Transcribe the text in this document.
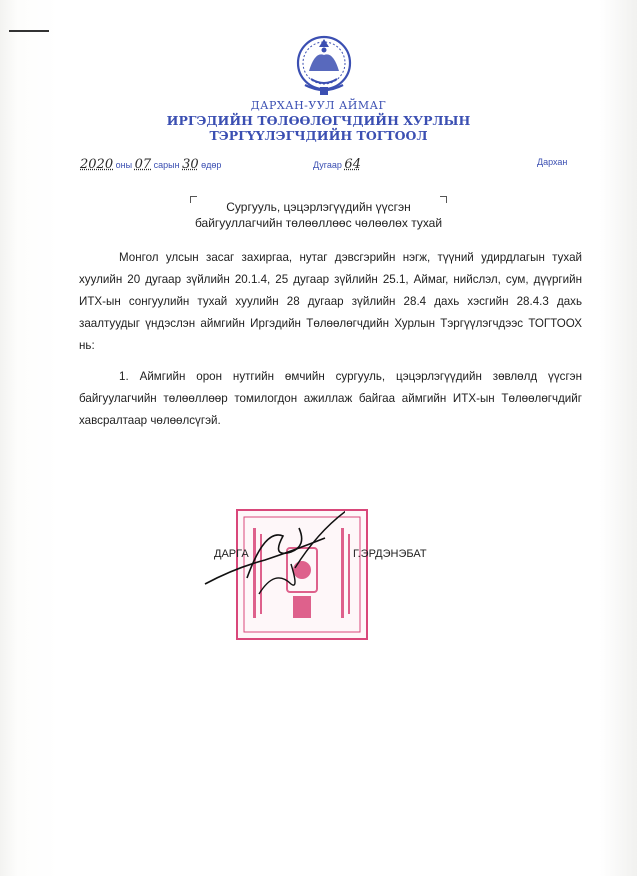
ДАРХАН-УУЛ АЙМАГ
ИРГЭДИЙН ТӨЛӨӨЛӨГЧДИЙН ХУРЛЫН
ТЭРГҮҮЛЭГЧДИЙН ТОГТООЛ
2020 оны 07 сарын 30 өдөр	Дугаар 64	Дархан
Сургууль, цэцэрлэгүүдийн үүсгэн
байгууллагчийн төлөөллөөс чөлөөлөх тухай
Монгол улсын засаг захиргаа, нутаг дэвсгэрийн нэгж, түүний удирдлагын тухай хуулийн 20 дугаар зүйлийн 20.1.4, 25 дугаар зүйлийн 25.1, Аймаг, нийслэл, сум, дүүргийн ИТХ-ын сонгуулийн тухай хуулийн 28 дугаар зүйлийн 28.4 дахь хэсгийн 28.4.3 дахь заалтуудыг үндэслэн аймгийн Иргэдийн Төлөөлөгчдийн Хурлын Тэргүүлэгчдээс ТОГТООХ нь:
1. Аймгийн орон нутгийн өмчийн сургууль, цэцэрлэгүүдийн зөвлөлд үүсгэн байгуулагчийн төлөөллөөр томилогдон ажиллаж байгаа аймгийн ИТХ-ын Төлөөлөгчдийг хавсралтаар чөлөөлсүгэй.
ДАРГА	Г.ЭРДЭНЭБАТ
